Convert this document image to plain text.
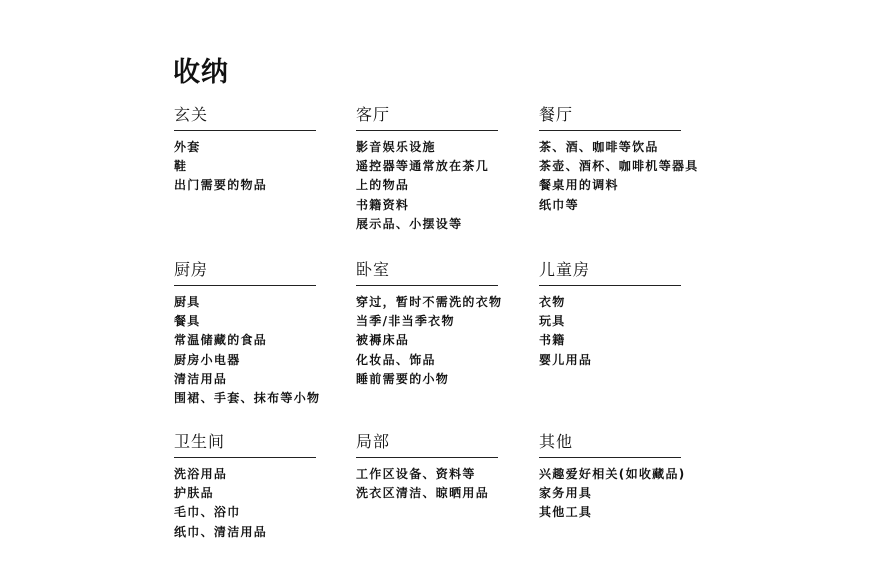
收纳
玄关
外套
鞋
出门需要的物品
客厅
影音娱乐设施
遥控器等通常放在茶几
上的物品
书籍资料
展示品、小摆设等
餐厅
茶、酒、咖啡等饮品
茶壶、酒杯、咖啡机等器具
餐桌用的调料
纸巾等
厨房
厨具
餐具
常温储藏的食品
厨房小电器
清洁用品
围裙、手套、抹布等小物
卧室
穿过，暂时不需洗的衣物
当季/非当季衣物
被褥床品
化妆品、饰品
睡前需要的小物
儿童房
衣物
玩具
书籍
婴儿用品
卫生间
洗浴用品
护肤品
毛巾、浴巾
纸巾、清洁用品
局部
工作区设备、资料等
洗衣区清洁、晾晒用品
其他
兴趣爱好相关(如收藏品)
家务用具
其他工具
